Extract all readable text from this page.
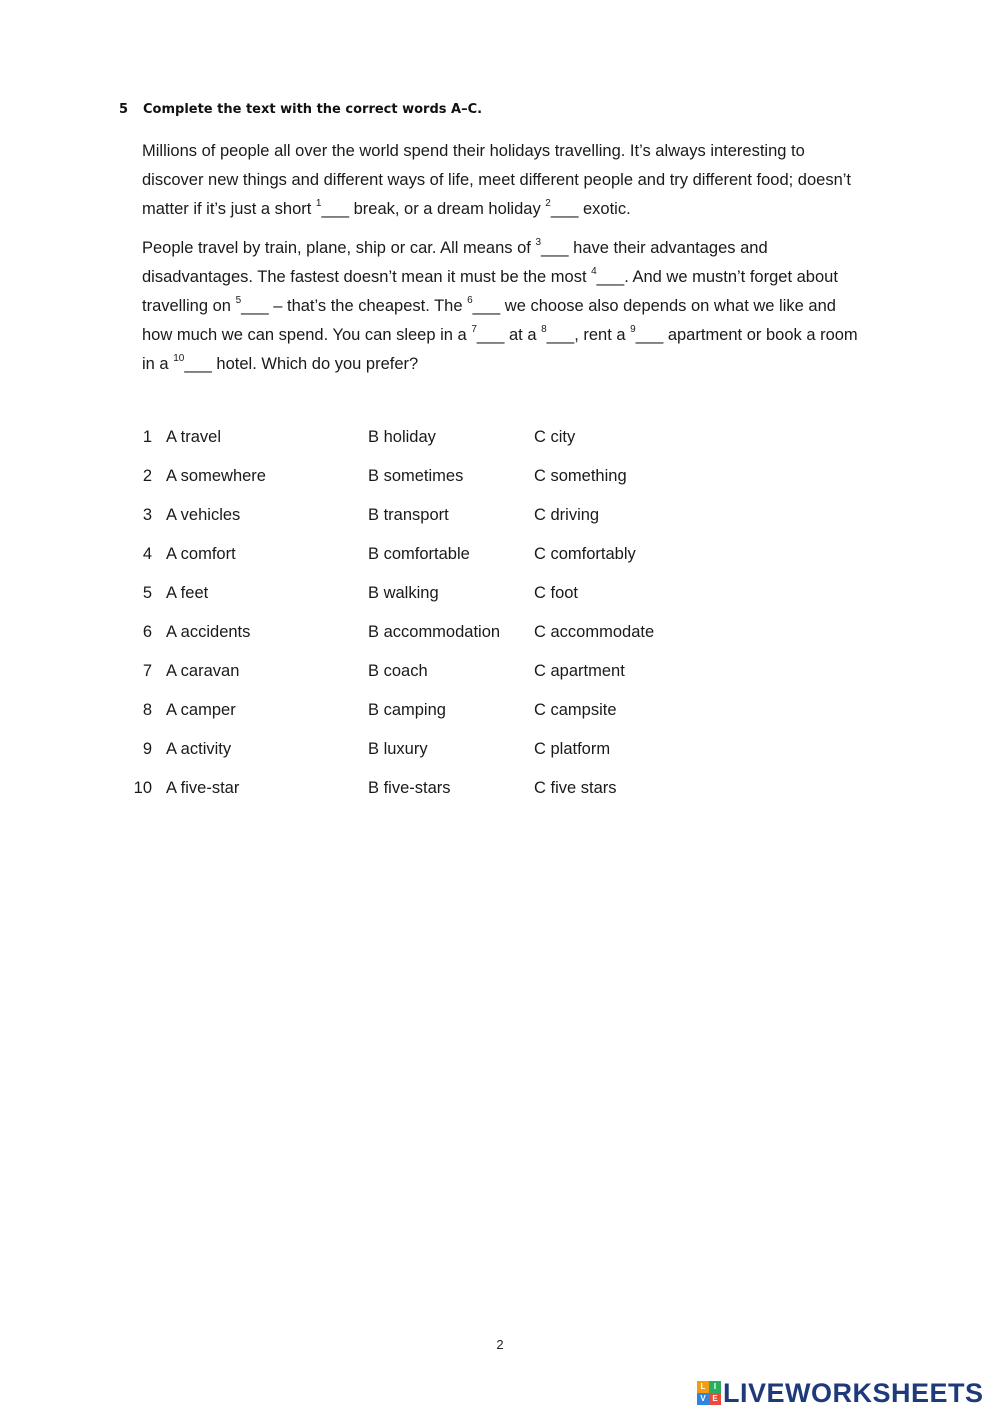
5 Complete the text with the correct words A–C.
Millions of people all over the world spend their holidays travelling. It’s always interesting to
discover new things and different ways of life, meet different people and try different food; doesn’t
matter if it’s just a short $^1$___ break, or a dream holiday $^2$___ exotic.
People travel by train, plane, ship or car. All means of $^3$___ have their advantages and
disadvantages. The fastest doesn’t mean it must be the most $^4$___. And we mustn’t forget about
travelling on $^5$___ – that’s the cheapest. The $^6$___ we choose also depends on what we like and
how much we can spend. You can sleep in a $^7$___ at a $^8$___, rent a $^9$___ apartment or book a room
in a $^{10}$___ hotel. Which do you prefer?
1 A travel	B holiday	C city
2 A somewhere	B sometimes	C something
3 A vehicles	B transport	C driving
4 A comfort	B comfortable	C comfortably
5 A feet	B walking	C foot
6 A accidents	B accommodation C accommodate
7 A caravan	B coach	C apartment
8 A camper	B camping	C campsite
9 A activity	B luxury	C platform
10 A five-star	B five-stars	C five stars
2
L	I
V E LIVEWORKSHEETS
